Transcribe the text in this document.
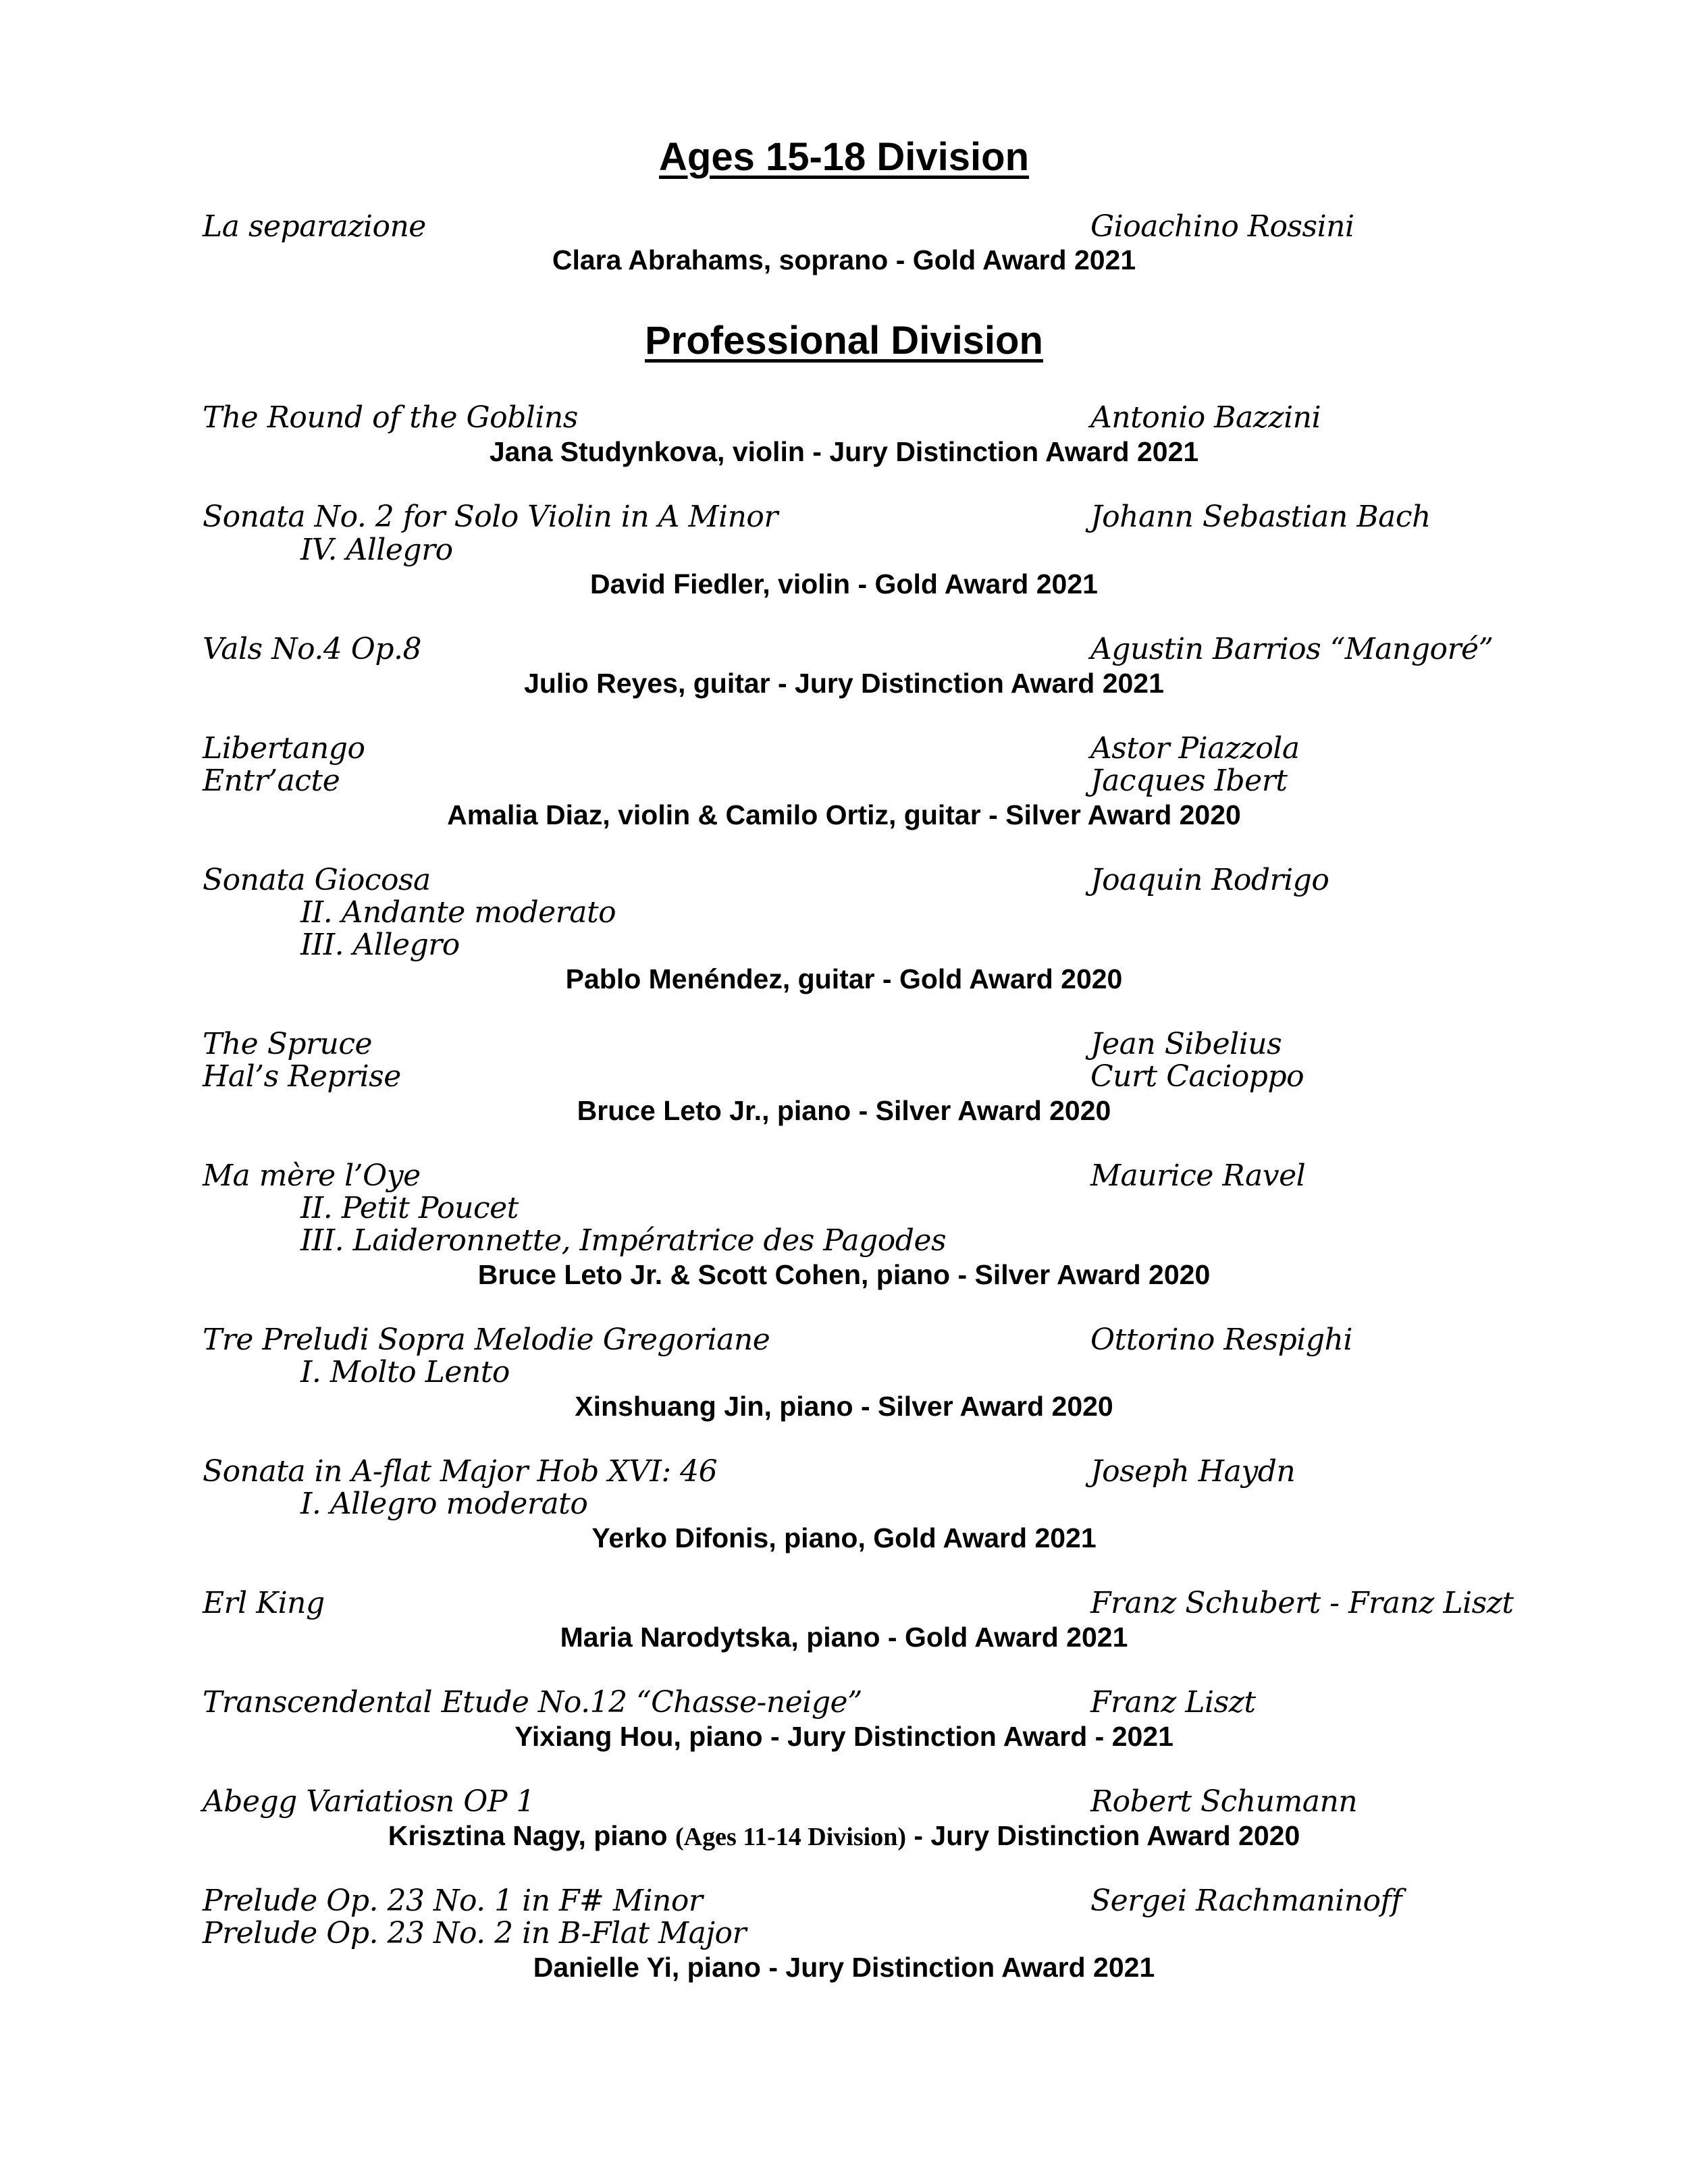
Ages 15-18 Division
La separazione	Gioachino Rossini
Clara Abrahams, soprano - Gold Award 2021
Professional Division
The Round of the Goblins	Antonio Bazzini
Jana Studynkova, violin - Jury Distinction Award 2021
Sonata No. 2 for Solo Violin in A Minor	Johann Sebastian Bach
IV. Allegro
David Fiedler, violin - Gold Award 2021
Vals No.4 Op.8	Agustin Barrios “Mangoré”
Julio Reyes, guitar - Jury Distinction Award 2021
Libertango	Astor Piazzola
Entr’acte	Jacques Ibert
Amalia Diaz, violin & Camilo Ortiz, guitar - Silver Award 2020
Sonata Giocosa	Joaquin Rodrigo
II. Andante moderato
III. Allegro
Pablo Menéndez, guitar - Gold Award 2020
The Spruce	Jean Sibelius
Hal’s Reprise	Curt Cacioppo
Bruce Leto Jr., piano - Silver Award 2020
Ma mère l’Oye	Maurice Ravel
II. Petit Poucet
III. Laideronnette, Impératrice des Pagodes
Bruce Leto Jr. & Scott Cohen, piano - Silver Award 2020
Tre Preludi Sopra Melodie Gregoriane	Ottorino Respighi
I. Molto Lento
Xinshuang Jin, piano - Silver Award 2020
Sonata in A-flat Major Hob XVI: 46	Joseph Haydn
I. Allegro moderato
Yerko Difonis, piano, Gold Award 2021
Erl King	Franz Schubert - Franz Liszt
Maria Narodytska, piano - Gold Award 2021
Transcendental Etude No.12 “Chasse-neige”	Franz Liszt
Yixiang Hou, piano - Jury Distinction Award - 2021
Abegg Variatiosn OP 1	Robert Schumann
Krisztina Nagy, piano (Ages 11-14 Division) - Jury Distinction Award 2020
Prelude Op. 23 No. 1 in F# Minor	Sergei Rachmaninoff
Prelude Op. 23 No. 2 in B-Flat Major
Danielle Yi, piano - Jury Distinction Award 2021
